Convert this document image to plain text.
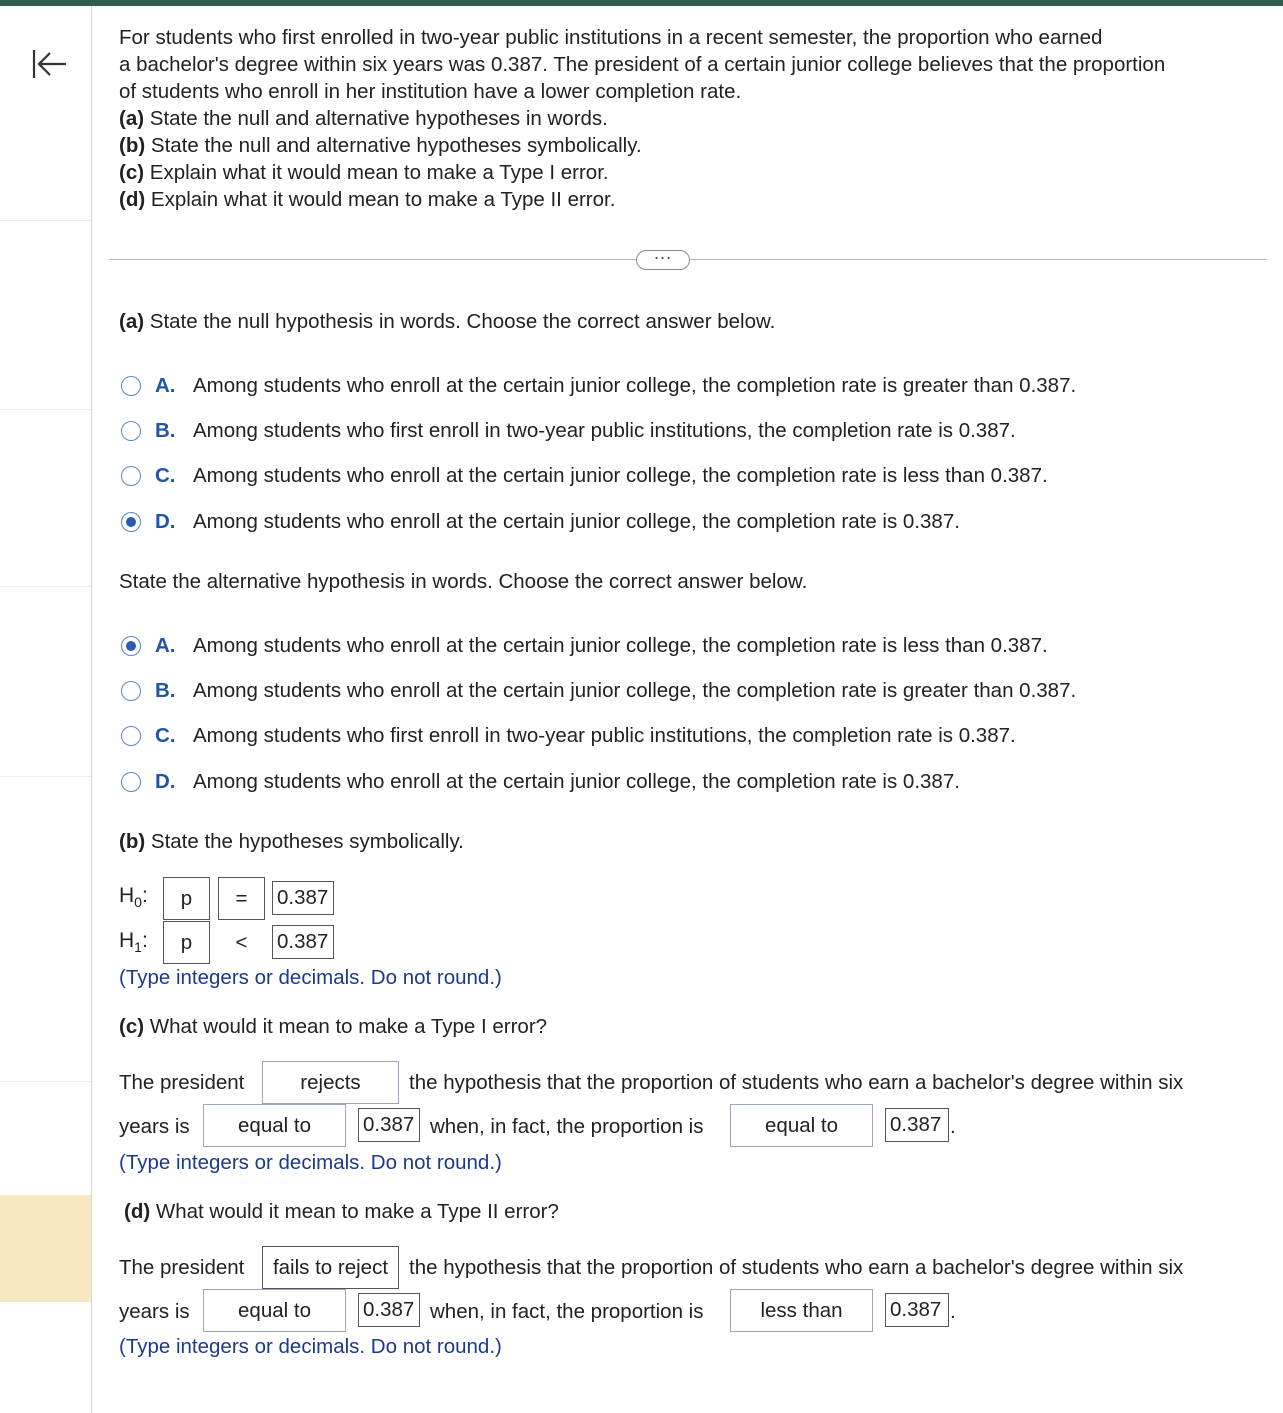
For students who first enrolled in two-year public institutions in a recent semester, the proportion who earned
a bachelor's degree within six years was 0.387. The president of a certain junior college believes that the proportion
of students who enroll in her institution have a lower completion rate.
(a) State the null and alternative hypotheses in words.
(b) State the null and alternative hypotheses symbolically.
(c) Explain what it would mean to make a Type I error.
(d) Explain what it would mean to make a Type II error.
...
(a) State the null hypothesis in words. Choose the correct answer below.
A. Among students who enroll at the certain junior college, the completion rate is greater than 0.387.
B. Among students who first enroll in two-year public institutions, the completion rate is 0.387.
C. Among students who enroll at the certain junior college, the completion rate is less than 0.387.
D. Among students who enroll at the certain junior college, the completion rate is 0.387.
State the alternative hypothesis in words. Choose the correct answer below.
A. Among students who enroll at the certain junior college, the completion rate is less than 0.387.
B. Among students who enroll at the certain junior college, the completion rate is greater than 0.387.
C. Among students who first enroll in two-year public institutions, the completion rate is 0.387.
D. Among students who enroll at the certain junior college, the completion rate is 0.387.
(b) State the hypotheses symbolically.
$H_0$:	p	=	0.387
$H_1$:	p	<	0.387
(Type integers or decimals. Do not round.)
(c) What would it mean to make a Type I error?
The president	rejects	the hypothesis that the proportion of students who earn a bachelor's degree within six
years is	equal to	0.387 when, in fact, the proportion is	equal to	0.387 .
(Type integers or decimals. Do not round.)
(d) What would it mean to make a Type II error?
The president	fails to reject	the hypothesis that the proportion of students who earn a bachelor's degree within six
years is	equal to	0.387 when, in fact, the proportion is	less than	0.387 .
(Type integers or decimals. Do not round.)
